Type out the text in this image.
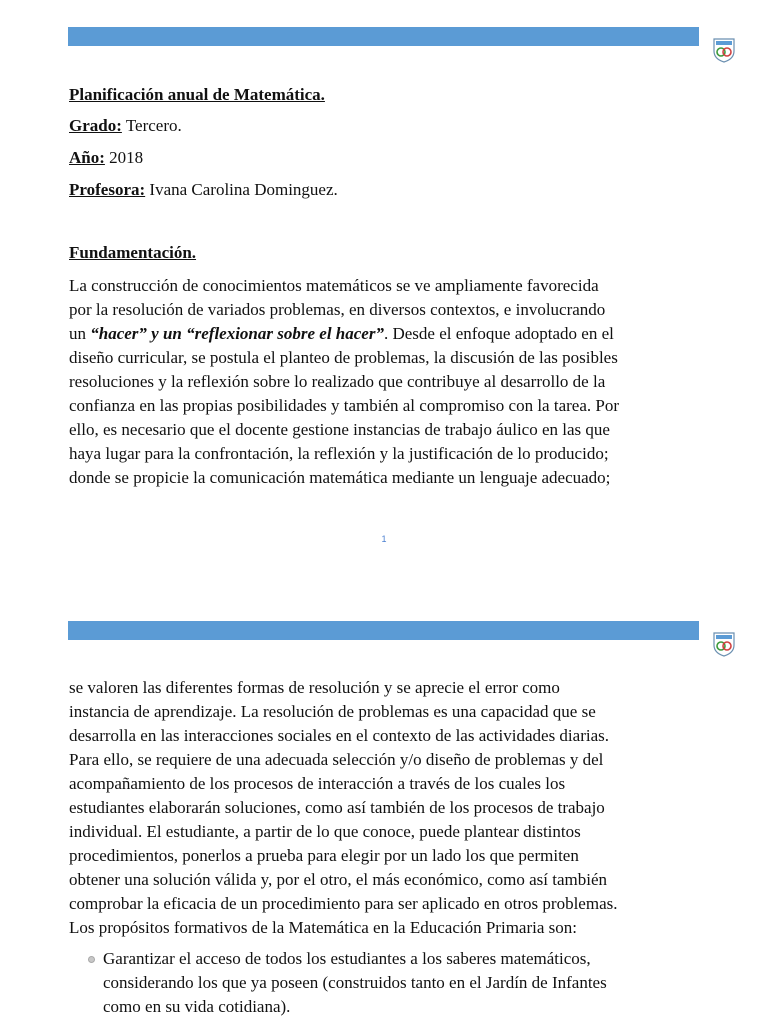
Planificación anual de Matemática.
Grado: Tercero.
Año: 2018
Profesora: Ivana Carolina Dominguez.
Fundamentación.
La construcción de conocimientos matemáticos se ve ampliamente favorecida
por la resolución de variados problemas, en diversos contextos, e involucrando
un “hacer” y un “reflexionar sobre el hacer”. Desde el enfoque adoptado en el
diseño curricular, se postula el planteo de problemas, la discusión de las posibles
resoluciones y la reflexión sobre lo realizado que contribuye al desarrollo de la
confianza en las propias posibilidades y también al compromiso con la tarea. Por
ello, es necesario que el docente gestione instancias de trabajo áulico en las que
haya lugar para la confrontación, la reflexión y la justificación de lo producido;
donde se propicie la comunicación matemática mediante un lenguaje adecuado;
1
se valoren las diferentes formas de resolución y se aprecie el error como
instancia de aprendizaje. La resolución de problemas es una capacidad que se
desarrolla en las interacciones sociales en el contexto de las actividades diarias.
Para ello, se requiere de una adecuada selección y/o diseño de problemas y del
acompañamiento de los procesos de interacción a través de los cuales los
estudiantes elaborarán soluciones, como así también de los procesos de trabajo
individual. El estudiante, a partir de lo que conoce, puede plantear distintos
procedimientos, ponerlos a prueba para elegir por un lado los que permiten
obtener una solución válida y, por el otro, el más económico, como así también
comprobar la eficacia de un procedimiento para ser aplicado en otros problemas.
Los propósitos formativos de la Matemática en la Educación Primaria son:
Garantizar el acceso de todos los estudiantes a los saberes matemáticos,
considerando los que ya poseen (construidos tanto en el Jardín de Infantes
como en su vida cotidiana).
